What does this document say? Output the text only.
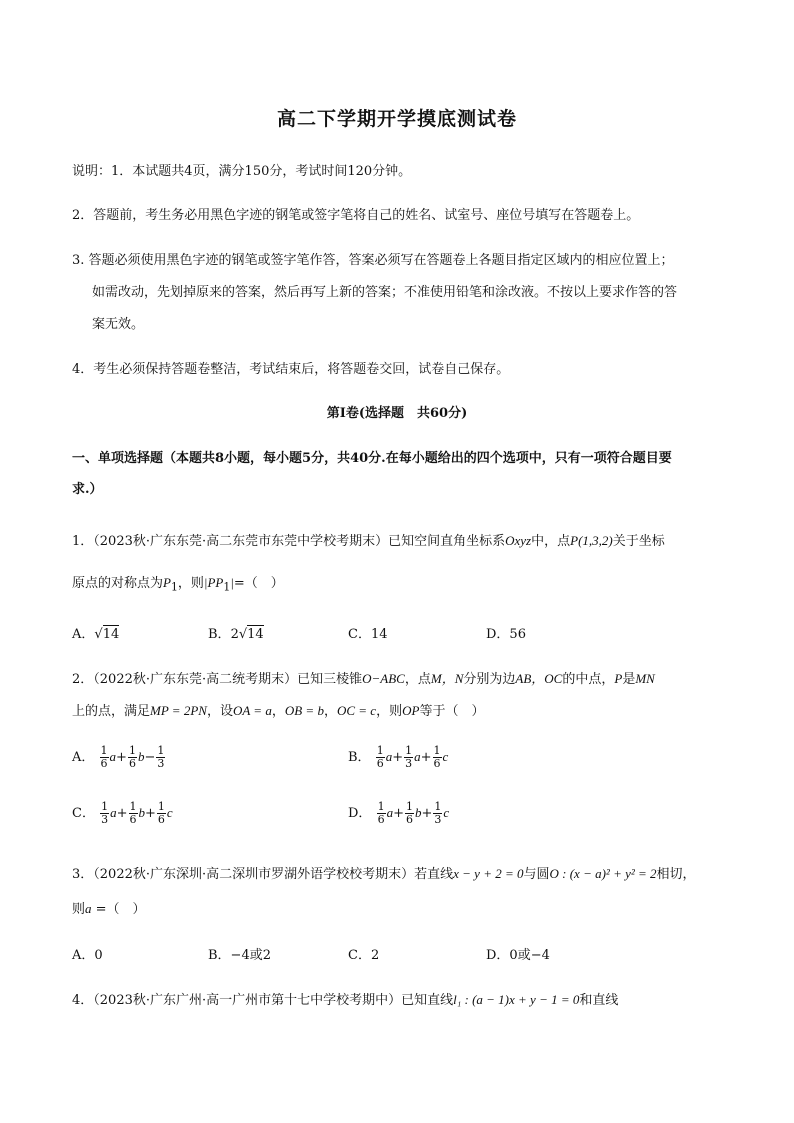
高二下学期开学摸底测试卷
说明：1．本试题共4页，满分150分，考试时间120分钟。
2．答题前，考生务必用黑色字迹的钢笔或签字笔将自己的姓名、试室号、座位号填写在答题卷上。
3. 答题必须使用黑色字迹的钢笔或签字笔作答，答案必须写在答题卷上各题目指定区域内的相应位置上；
如需改动，先划掉原来的答案，然后再写上新的答案；不准使用铅笔和涂改液。不按以上要求作答的答
案无效。
4．考生必须保持答题卷整洁，考试结束后，将答题卷交回，试卷自己保存。
第I卷(选择题　共60分)
一、单项选择题（本题共8小题，每小题5分，共40分.在每小题给出的四个选项中，只有一项符合题目要
求.）
1．（2023秋·广东东莞·高二东莞市东莞中学校考期末）已知空间直角坐标系Oxyz中，点P(1,3,2)关于坐标
原点的对称点为$P_1$，则$|PP_1|=$（　）
A．√14	B．2√14	C．14	D．56
2．（2022秋·广东东莞·高二统考期末）已知三棱锥O−ABC，点M，N分别为边AB，OC的中点，P是MN
上的点，满足MP = 2PN，设OA = a，OB = b，OC = c，则OP等于（　）
A． $\frac{1}{6} a+ \frac{1}{6} b- \frac{1}{3}$	B． $\frac{1}{6} a+ \frac{1}{3} a+ \frac{1}{6}$ c
C． $\frac{1}{3} a+ \frac{1}{6} b+ \frac{1}{6}$ c	D． $\frac{1}{6} a+ \frac{1}{6} b+ \frac{1}{3}$ c
3．（2022秋·广东深圳·高二深圳市罗湖外语学校校考期末）若直线x − y + 2 = 0与圆O : (x − a)² + y² = 2相切，
则a =（　）
A．0	B．−4或2	C．2	D．0或−4
4．（2023秋·广东广州·高一广州市第十七中学校考期中）已知直线l₁ : (a − 1)x + y − 1 = 0和直线
